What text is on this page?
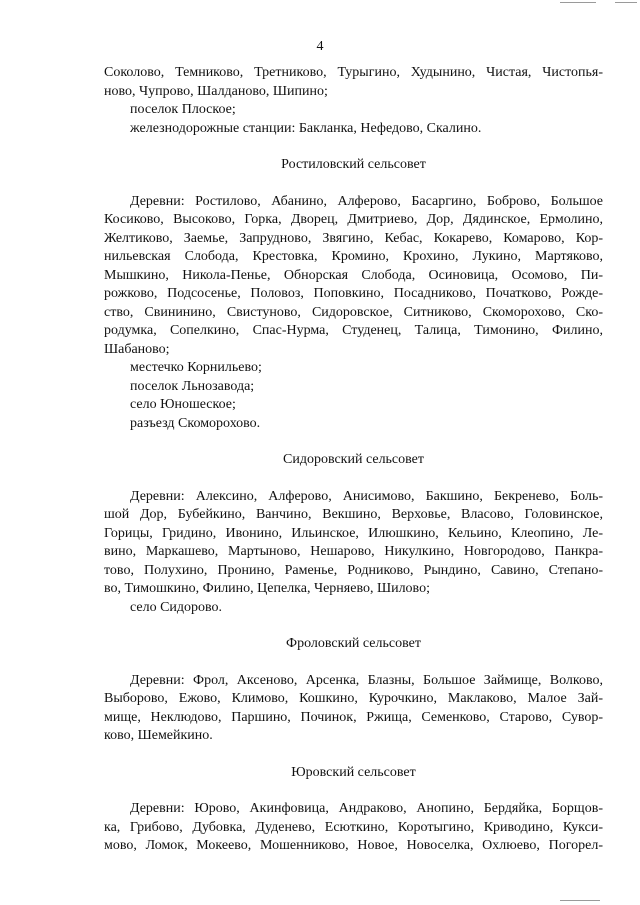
4
Соколово, Темниково, Третниково, Турыгино, Худынино, Чистая, Чистопья-
ново, Чупрово, Шалданово, Шипино;
поселок Плоское;
железнодорожные станции: Бакланка, Нефедово, Скалино.
Ростиловский сельсовет
Деревни: Ростилово, Абанино, Алферово, Басаргино, Боброво, Большое
Косиково, Высоково, Горка, Дворец, Дмитриево, Дор, Дядинское, Ермолино,
Желтиково, Заемье, Запрудново, Звягино, Кебас, Кокарево, Комарово, Кор-
нильевская Слобода, Крестовка, Кромино, Крохино, Лукино, Мартяково,
Мышкино, Никола-Пенье, Обнорская Слобода, Осиновица, Осомово, Пи-
рожково, Подсосенье, Половоз, Поповкино, Посадниково, Початково, Рожде-
ство, Свининино, Свистуново, Сидоровское, Ситниково, Скоморохово, Ско-
родумка, Сопелкино, Спас-Нурма, Студенец, Талица, Тимонино, Филино,
Шабаново;
местечко Корнильево;
поселок Льнозавода;
село Юношеское;
разъезд Скоморохово.
Сидоровский сельсовет
Деревни: Алексино, Алферово, Анисимово, Бакшино, Бекренево, Боль-
шой Дор, Бубейкино, Ванчино, Векшино, Верховье, Власово, Головинское,
Горицы, Гридино, Ивонино, Ильинское, Илюшкино, Кельино, Клеопино, Ле-
вино, Маркашево, Мартыново, Нешарово, Никулкино, Новгородово, Панкра-
тово, Полухино, Пронино, Раменье, Родниково, Рындино, Савино, Степано-
во, Тимошкино, Филино, Цепелка, Черняево, Шилово;
село Сидорово.
Фроловский сельсовет
Деревни: Фрол, Аксеново, Арсенка, Блазны, Большое Займище, Волково,
Выборово, Ежово, Климово, Кошкино, Курочкино, Маклаково, Малое Зай-
мище, Неклюдово, Паршино, Починок, Ржища, Семенково, Старово, Сувор-
ково, Шемейкино.
Юровский сельсовет
Деревни: Юрово, Акинфовица, Андраково, Анопино, Бердяйка, Борщов-
ка, Грибово, Дубовка, Дуденево, Есюткино, Коротыгино, Криводино, Кукси-
мово, Ломок, Мокеево, Мошенниково, Новое, Новоселка, Охлюево, Погорел-
